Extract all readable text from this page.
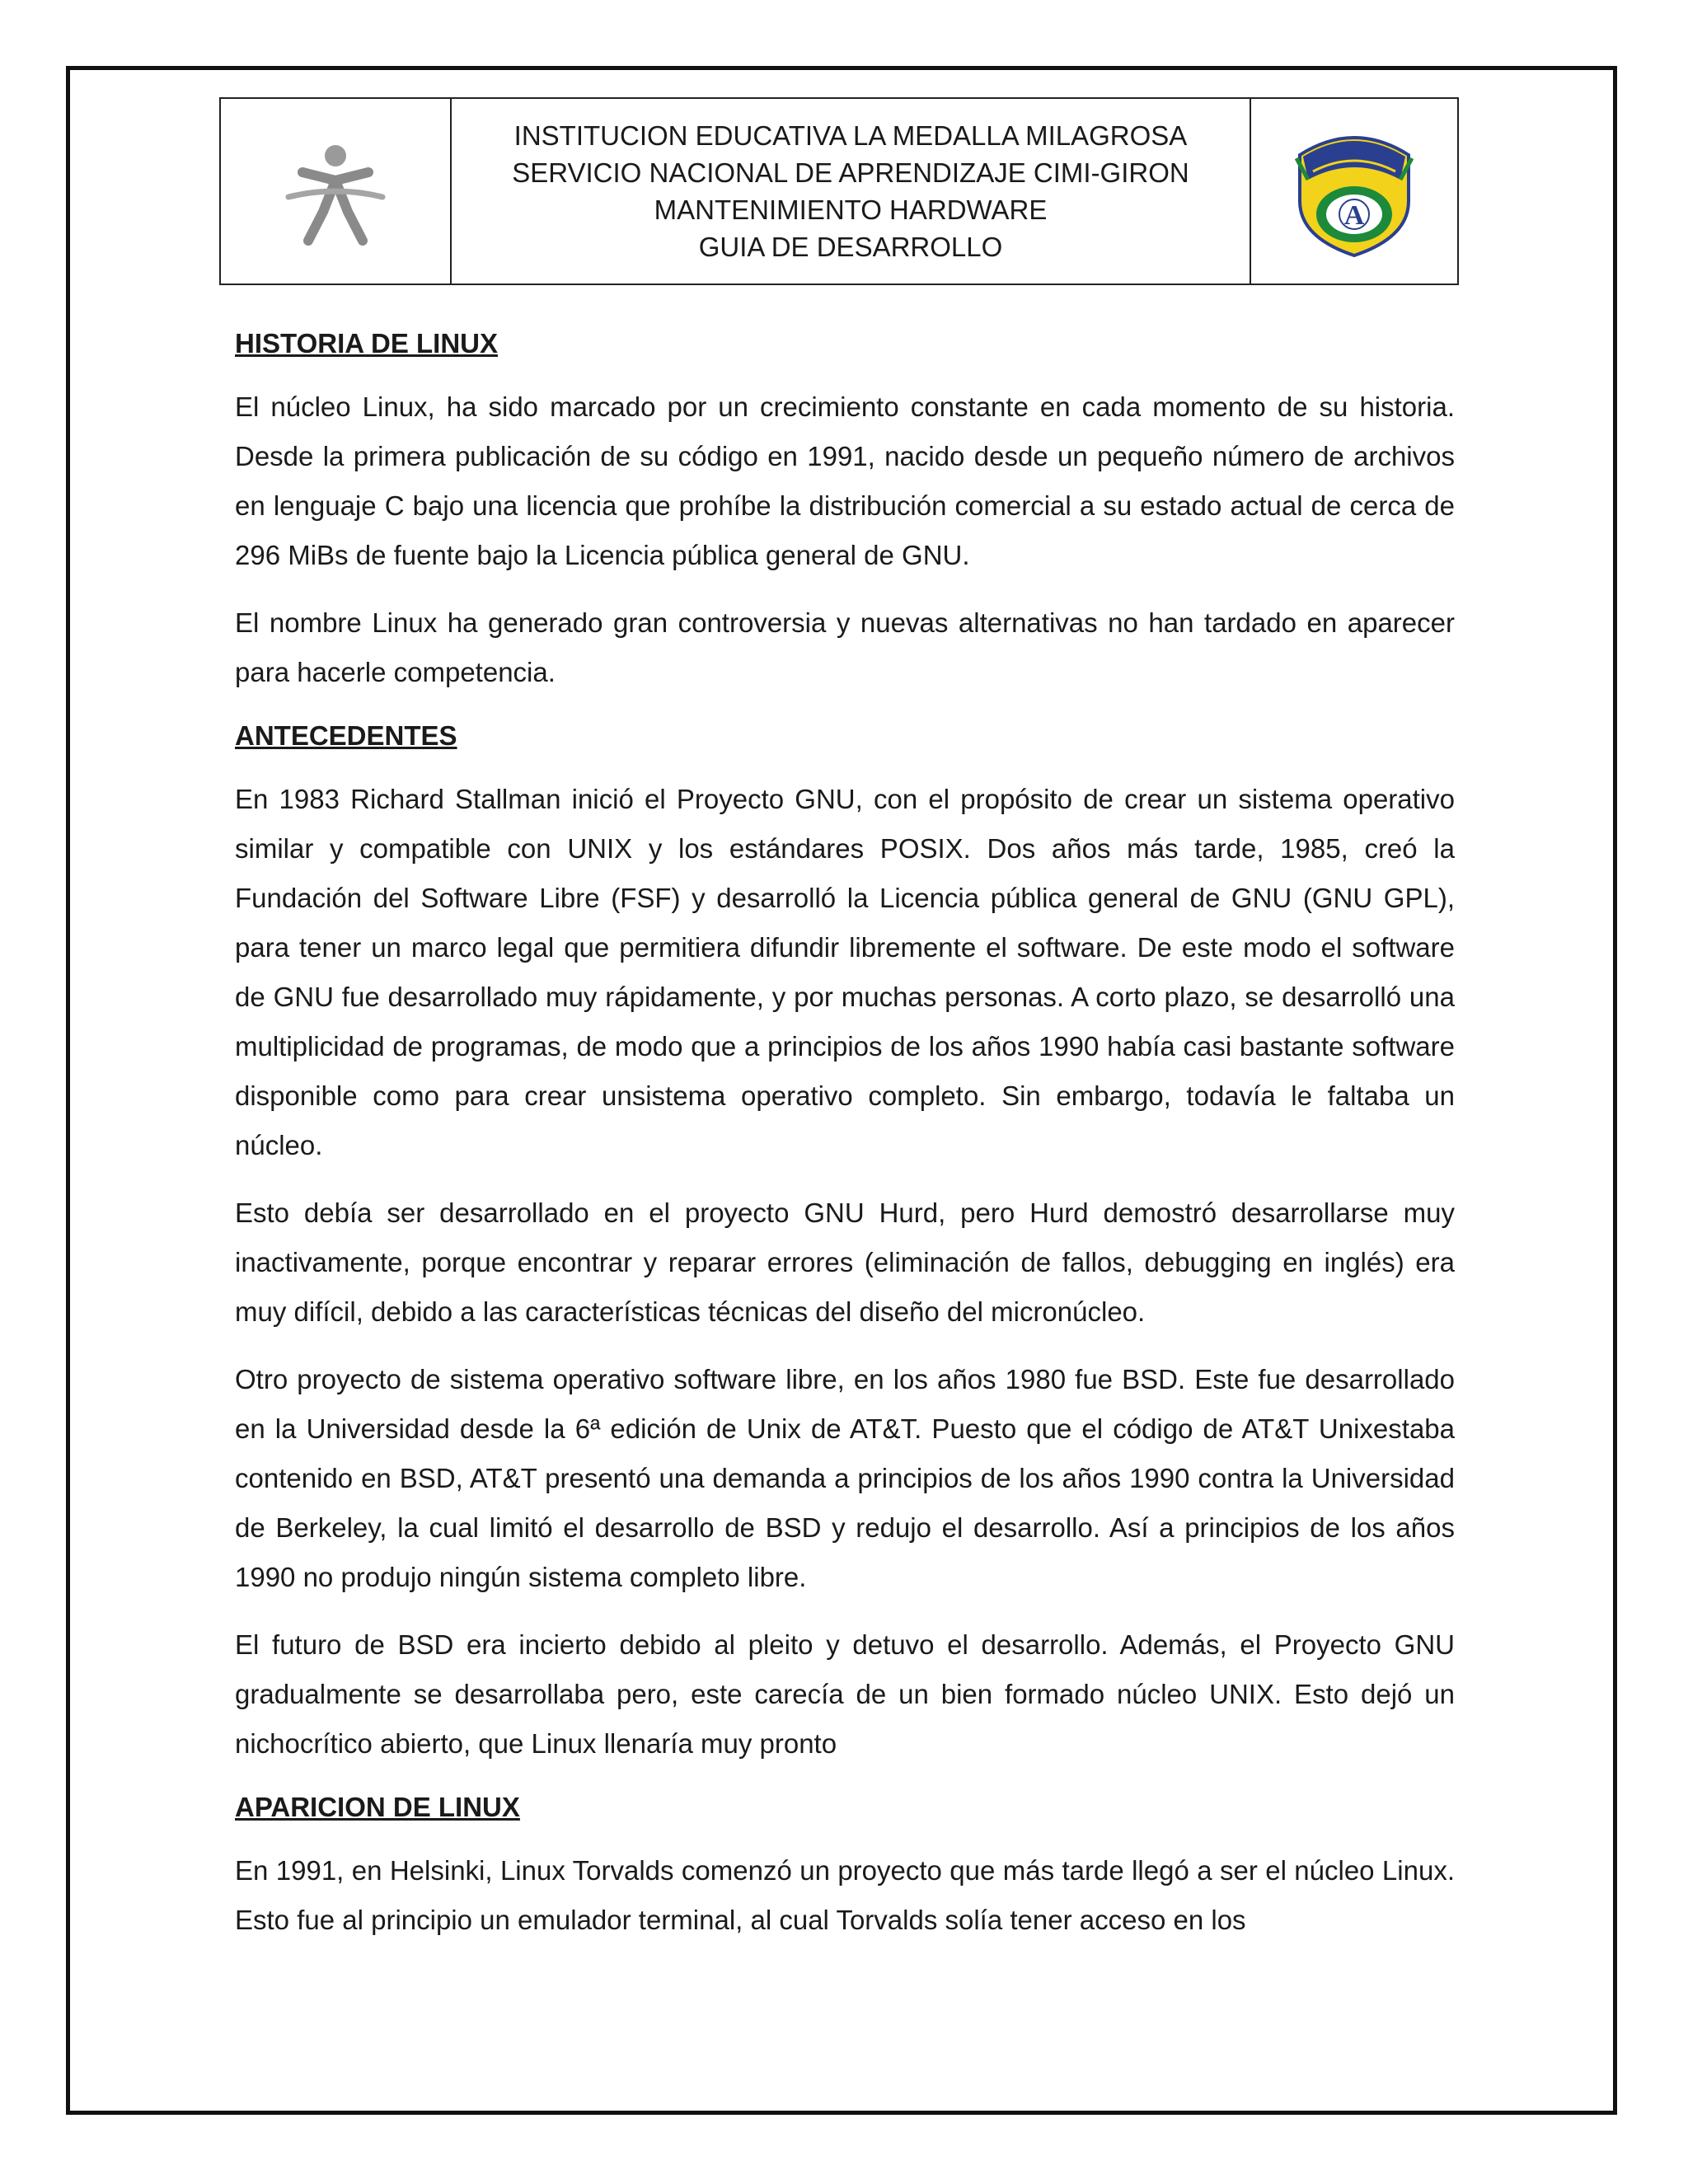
INSTITUCION EDUCATIVA LA MEDALLA MILAGROSA
SERVICIO NACIONAL DE APRENDIZAJE CIMI-GIRON
MANTENIMIENTO HARDWARE
GUIA DE DESARROLLO

A
HISTORIA DE LINUX

El núcleo Linux, ha sido marcado por un crecimiento constante en cada momento de su historia. Desde la primera publicación de su código en 1991, nacido desde un pequeño número de archivos en lenguaje C bajo una licencia que prohíbe la distribución comercial a su estado actual de cerca de 296 MiBs de fuente bajo la Licencia pública general de GNU.

El nombre Linux ha generado gran controversia y nuevas alternativas no han tardado en aparecer para hacerle competencia.

ANTECEDENTES

En 1983 Richard Stallman inició el Proyecto GNU, con el propósito de crear un sistema operativo similar y compatible con UNIX y los estándares POSIX. Dos años más tarde, 1985, creó la Fundación del Software Libre (FSF) y desarrolló la Licencia pública general de GNU (GNU GPL), para tener un marco legal que permitiera difundir libremente el software. De este modo el software de GNU fue desarrollado muy rápidamente, y por muchas personas. A corto plazo, se desarrolló una multiplicidad de programas, de modo que a principios de los años 1990 había casi bastante software disponible como para crear unsistema operativo completo. Sin embargo, todavía le faltaba un núcleo.

Esto debía ser desarrollado en el proyecto GNU Hurd, pero Hurd demostró desarrollarse muy inactivamente, porque encontrar y reparar errores (eliminación de fallos, debugging en inglés) era muy difícil, debido a las características técnicas del diseño del micronúcleo.

Otro proyecto de sistema operativo software libre, en los años 1980 fue BSD. Este fue desarrollado en la Universidad desde la 6ª edición de Unix de AT&T. Puesto que el código de AT&T Unixestaba contenido en BSD, AT&T presentó una demanda a principios de los años 1990 contra la Universidad de Berkeley, la cual limitó el desarrollo de BSD y redujo el desarrollo. Así a principios de los años 1990 no produjo ningún sistema completo libre.

El futuro de BSD era incierto debido al pleito y detuvo el desarrollo. Además, el Proyecto GNU gradualmente se desarrollaba pero, este carecía de un bien formado núcleo UNIX. Esto dejó un nichocrítico abierto, que Linux llenaría muy pronto

APARICION DE LINUX

En 1991, en Helsinki, Linux Torvalds comenzó un proyecto que más tarde llegó a ser el núcleo Linux. Esto fue al principio un emulador terminal, al cual Torvalds solía tener acceso en los
